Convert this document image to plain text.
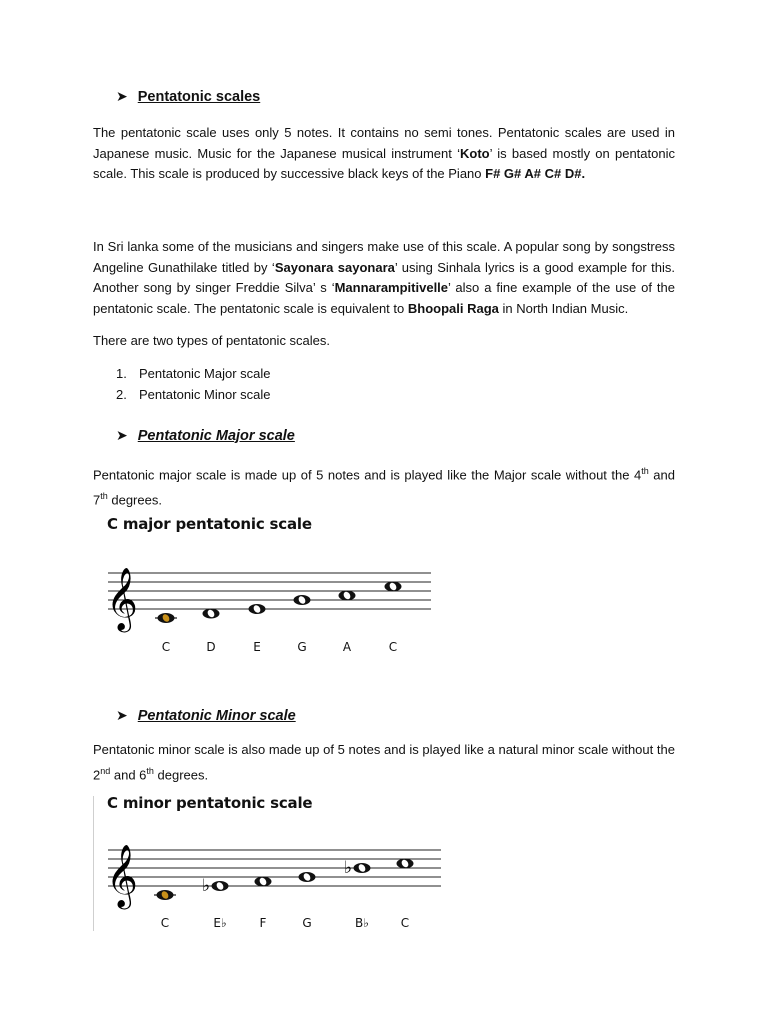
➤ Pentatonic scales

The pentatonic scale uses only 5 notes. It contains no semi tones. Pentatonic scales are used in Japanese music. Music for the Japanese musical instrument ‘Koto’ is based mostly on pentatonic scale. This scale is produced by successive black keys of the Piano F# G# A# C# D#.

In Sri lanka some of the musicians and singers make use of this scale. A popular song by songstress Angeline Gunathilake titled by ‘Sayonara sayonara’ using Sinhala lyrics is a good example for this. Another song by singer Freddie Silva’ s ‘Mannarampitivelle’ also a fine example of the use of the pentatonic scale. The pentatonic scale is equivalent to Bhoopali Raga in North Indian Music.

There are two types of pentatonic scales.

1. Pentatonic Major scale
2. Pentatonic Minor scale
➤ Pentatonic Major scale

Pentatonic major scale is made up of 5 notes and is played like the Major scale without the 4th and 7th degrees.

C major pentatonic scale
𝄞
C	D	E	G	A	C
➤ Pentatonic Minor scale

Pentatonic minor scale is also made up of 5 notes and is played like a natural minor scale without the 2nd and 6th degrees.

C minor pentatonic scale
𝄞	♭
♭
C	E♭	F	G	B♭	C
